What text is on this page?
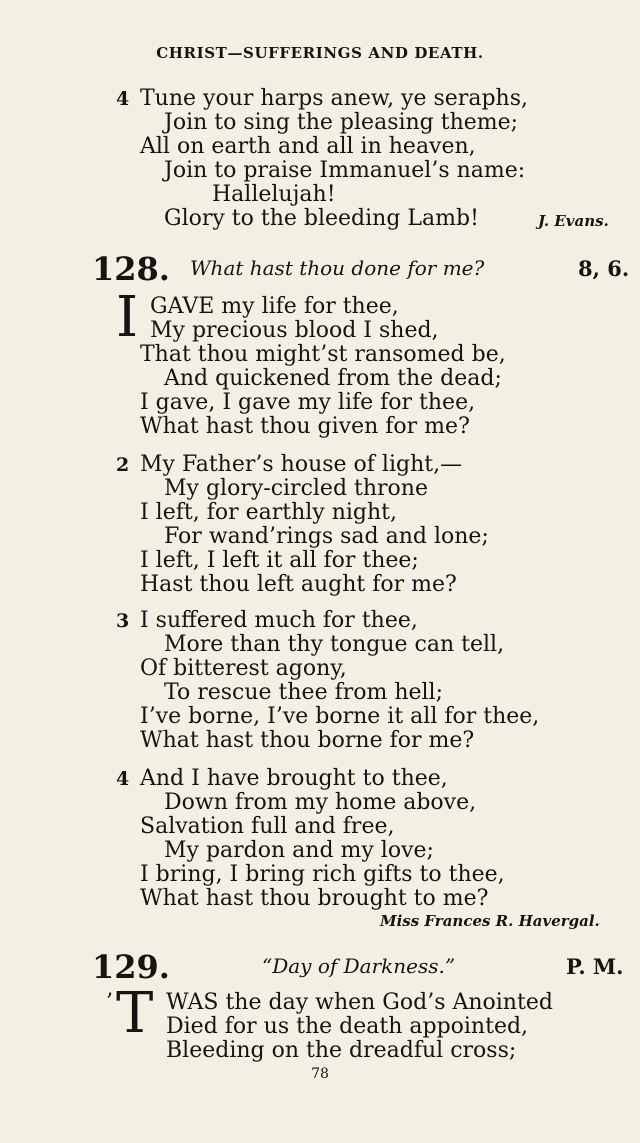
CHRIST—SUFFERINGS AND DEATH.
4 Tune your harps anew, ye seraphs,
Join to sing the pleasing theme;
All on earth and all in heaven,
Join to praise Immanuel’s name:
Hallelujah!
Glory to the bleeding Lamb!	J. Evans.
128. What hast thou done for me?	8, 6.
I GAVE my life for thee,
My precious blood I shed,
That thou might’st ransomed be,
And quickened from the dead;
I gave, I gave my life for thee,
What hast thou given for me?
2 My Father’s house of light,—
My glory-circled throne
I left, for earthly night,
For wand’rings sad and lone;
I left, I left it all for thee;
Hast thou left aught for me?
3 I suffered much for thee,
More than thy tongue can tell,
Of bitterest agony,
To rescue thee from hell;
I’ve borne, I’ve borne it all for thee,
What hast thou borne for me?
4 And I have brought to thee,
Down from my home above,
Salvation full and free,
My pardon and my love;
I bring, I bring rich gifts to thee,
What hast thou brought to me?
Miss Frances R. Havergal.
129.	“Day of Darkness.”	P. M.
’ T WAS the day when God’s Anointed
Died for us the death appointed,
Bleeding on the dreadful cross;
78
